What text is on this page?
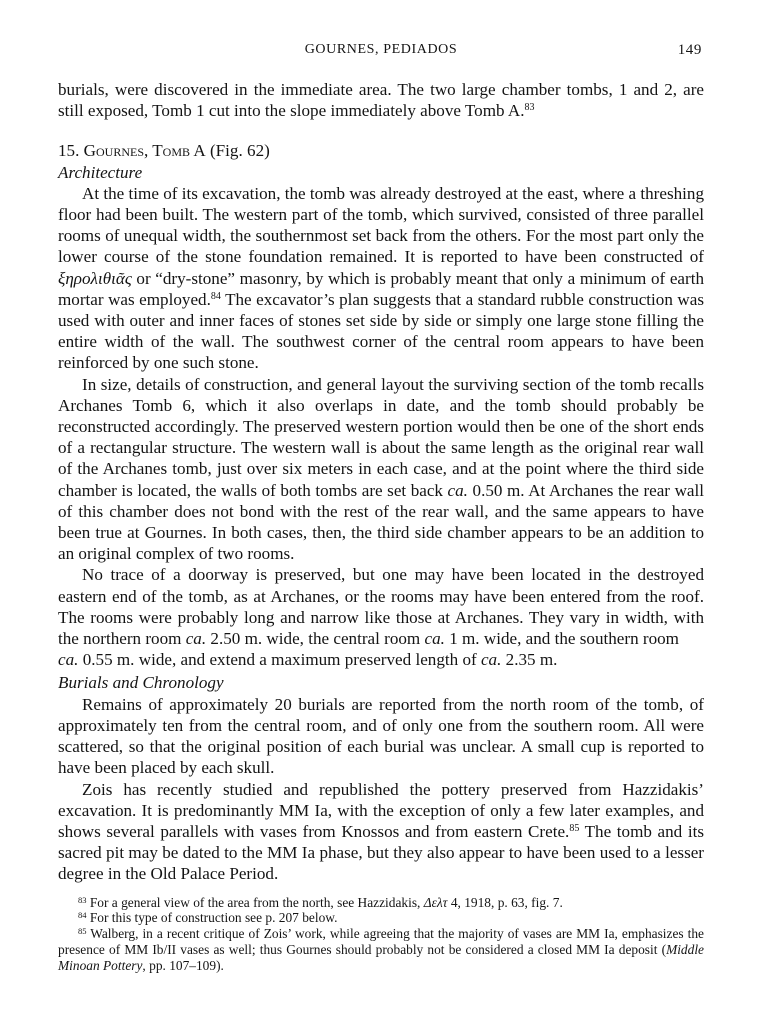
GOURNES, PEDIADOS	149

burials, were discovered in the immediate area. The two large chamber tombs, 1 and 2, are still exposed, Tomb 1 cut into the slope immediately above Tomb A.$^{83}$

15. Gournes, Tomb A (Fig. 62)
Architecture

At the time of its excavation, the tomb was already destroyed at the east, where a threshing floor had been built. The western part of the tomb, which survived, consisted of three parallel rooms of unequal width, the southernmost set back from the others. For the most part only the lower course of the stone foundation remained. It is reported to have been constructed of ξηρολιθιᾶς or “dry-stone” masonry, by which is probably meant that only a minimum of earth mortar was employed.$^{84}$ The excavator’s plan suggests that a standard rubble construction was used with outer and inner faces of stones set side by side or simply one large stone filling the entire width of the wall. The southwest corner of the central room appears to have been reinforced by one such stone.

In size, details of construction, and general layout the surviving section of the tomb recalls Archanes Tomb 6, which it also overlaps in date, and the tomb should probably be reconstructed accordingly. The preserved western portion would then be one of the short ends of a rectangular structure. The western wall is about the same length as the original rear wall of the Archanes tomb, just over six meters in each case, and at the point where the third side chamber is located, the walls of both tombs are set back ca. 0.50 m. At Archanes the rear wall of this chamber does not bond with the rest of the rear wall, and the same appears to have been true at Gournes. In both cases, then, the third side chamber appears to be an addition to an original complex of two rooms.

No trace of a doorway is preserved, but one may have been located in the destroyed eastern end of the tomb, as at Archanes, or the rooms may have been entered from the roof. The rooms were probably long and narrow like those at Archanes. They vary in width, with the northern room ca. 2.50 m. wide, the central room ca. 1 m. wide, and the southern room
ca. 0.55 m. wide, and extend a maximum preserved length of ca. 2.35 m.

Burials and Chronology

Remains of approximately 20 burials are reported from the north room of the tomb, of approximately ten from the central room, and of only one from the southern room. All were scattered, so that the original position of each burial was unclear. A small cup is reported to have been placed by each skull.

Zois has recently studied and republished the pottery preserved from Hazzidakis’ excavation. It is predominantly MM Ia, with the exception of only a few later examples, and shows several parallels with vases from Knossos and from eastern Crete.$^{85}$ The tomb and its sacred pit may be dated to the MM Ia phase, but they also appear to have been used to a lesser degree in the Old Palace Period.

$^{83}$ For a general view of the area from the north, see Hazzidakis, Δελτ 4, 1918, p. 63, fig. 7.

$^{84}$ For this type of construction see p. 207 below.

$^{85}$ Walberg, in a recent critique of Zois’ work, while agreeing that the majority of vases are MM Ia, emphasizes the presence of MM Ib/II vases as well; thus Gournes should probably not be considered a closed MM Ia deposit (Middle Minoan Pottery, pp. 107–109).
